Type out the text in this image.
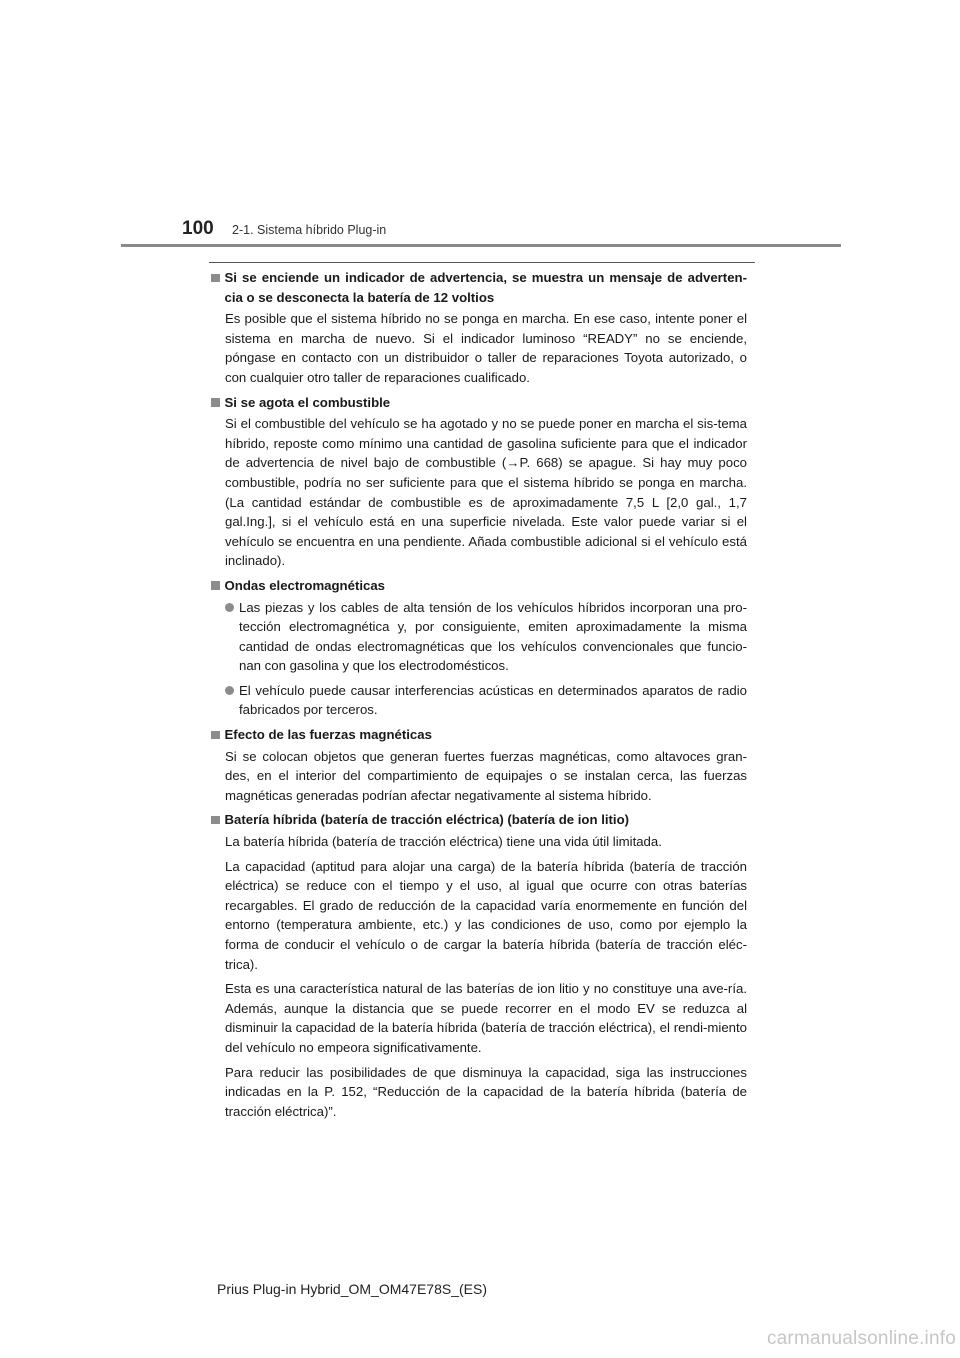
100 2-1. Sistema híbrido Plug-in
Si se enciende un indicador de advertencia, se muestra un mensaje de adverten-cia o se desconecta la batería de 12 voltios
Es posible que el sistema híbrido no se ponga en marcha. En ese caso, intente poner el sistema en marcha de nuevo. Si el indicador luminoso “READY” no se enciende, póngase en contacto con un distribuidor o taller de reparaciones Toyota autorizado, o con cualquier otro taller de reparaciones cualificado.
Si se agota el combustible
Si el combustible del vehículo se ha agotado y no se puede poner en marcha el sis-tema híbrido, reposte como mínimo una cantidad de gasolina suficiente para que el indicador de advertencia de nivel bajo de combustible (→P. 668) se apague. Si hay muy poco combustible, podría no ser suficiente para que el sistema híbrido se ponga en marcha. (La cantidad estándar de combustible es de aproximadamente 7,5 L [2,0 gal., 1,7 gal.Ing.], si el vehículo está en una superficie nivelada. Este valor puede variar si el vehículo se encuentra en una pendiente. Añada combustible adicional si el vehículo está inclinado).
Ondas electromagnéticas
Las piezas y los cables de alta tensión de los vehículos híbridos incorporan una pro-tección electromagnética y, por consiguiente, emiten aproximadamente la misma cantidad de ondas electromagnéticas que los vehículos convencionales que funcio-nan con gasolina y que los electrodomésticos.
El vehículo puede causar interferencias acústicas en determinados aparatos de radio fabricados por terceros.
Efecto de las fuerzas magnéticas
Si se colocan objetos que generan fuertes fuerzas magnéticas, como altavoces gran-des, en el interior del compartimiento de equipajes o se instalan cerca, las fuerzas magnéticas generadas podrían afectar negativamente al sistema híbrido.
Batería híbrida (batería de tracción eléctrica) (batería de ion litio)
La batería híbrida (batería de tracción eléctrica) tiene una vida útil limitada.
La capacidad (aptitud para alojar una carga) de la batería híbrida (batería de tracción eléctrica) se reduce con el tiempo y el uso, al igual que ocurre con otras baterías recargables. El grado de reducción de la capacidad varía enormemente en función del entorno (temperatura ambiente, etc.) y las condiciones de uso, como por ejemplo la forma de conducir el vehículo o de cargar la batería híbrida (batería de tracción eléc-trica).
Esta es una característica natural de las baterías de ion litio y no constituye una ave-ría. Además, aunque la distancia que se puede recorrer en el modo EV se reduzca al disminuir la capacidad de la batería híbrida (batería de tracción eléctrica), el rendi-miento del vehículo no empeora significativamente.
Para reducir las posibilidades de que disminuya la capacidad, siga las instrucciones indicadas en la P. 152, “Reducción de la capacidad de la batería híbrida (batería de tracción eléctrica)”.
Prius Plug-in Hybrid_OM_OM47E78S_(ES)
carmanualsonline.info
